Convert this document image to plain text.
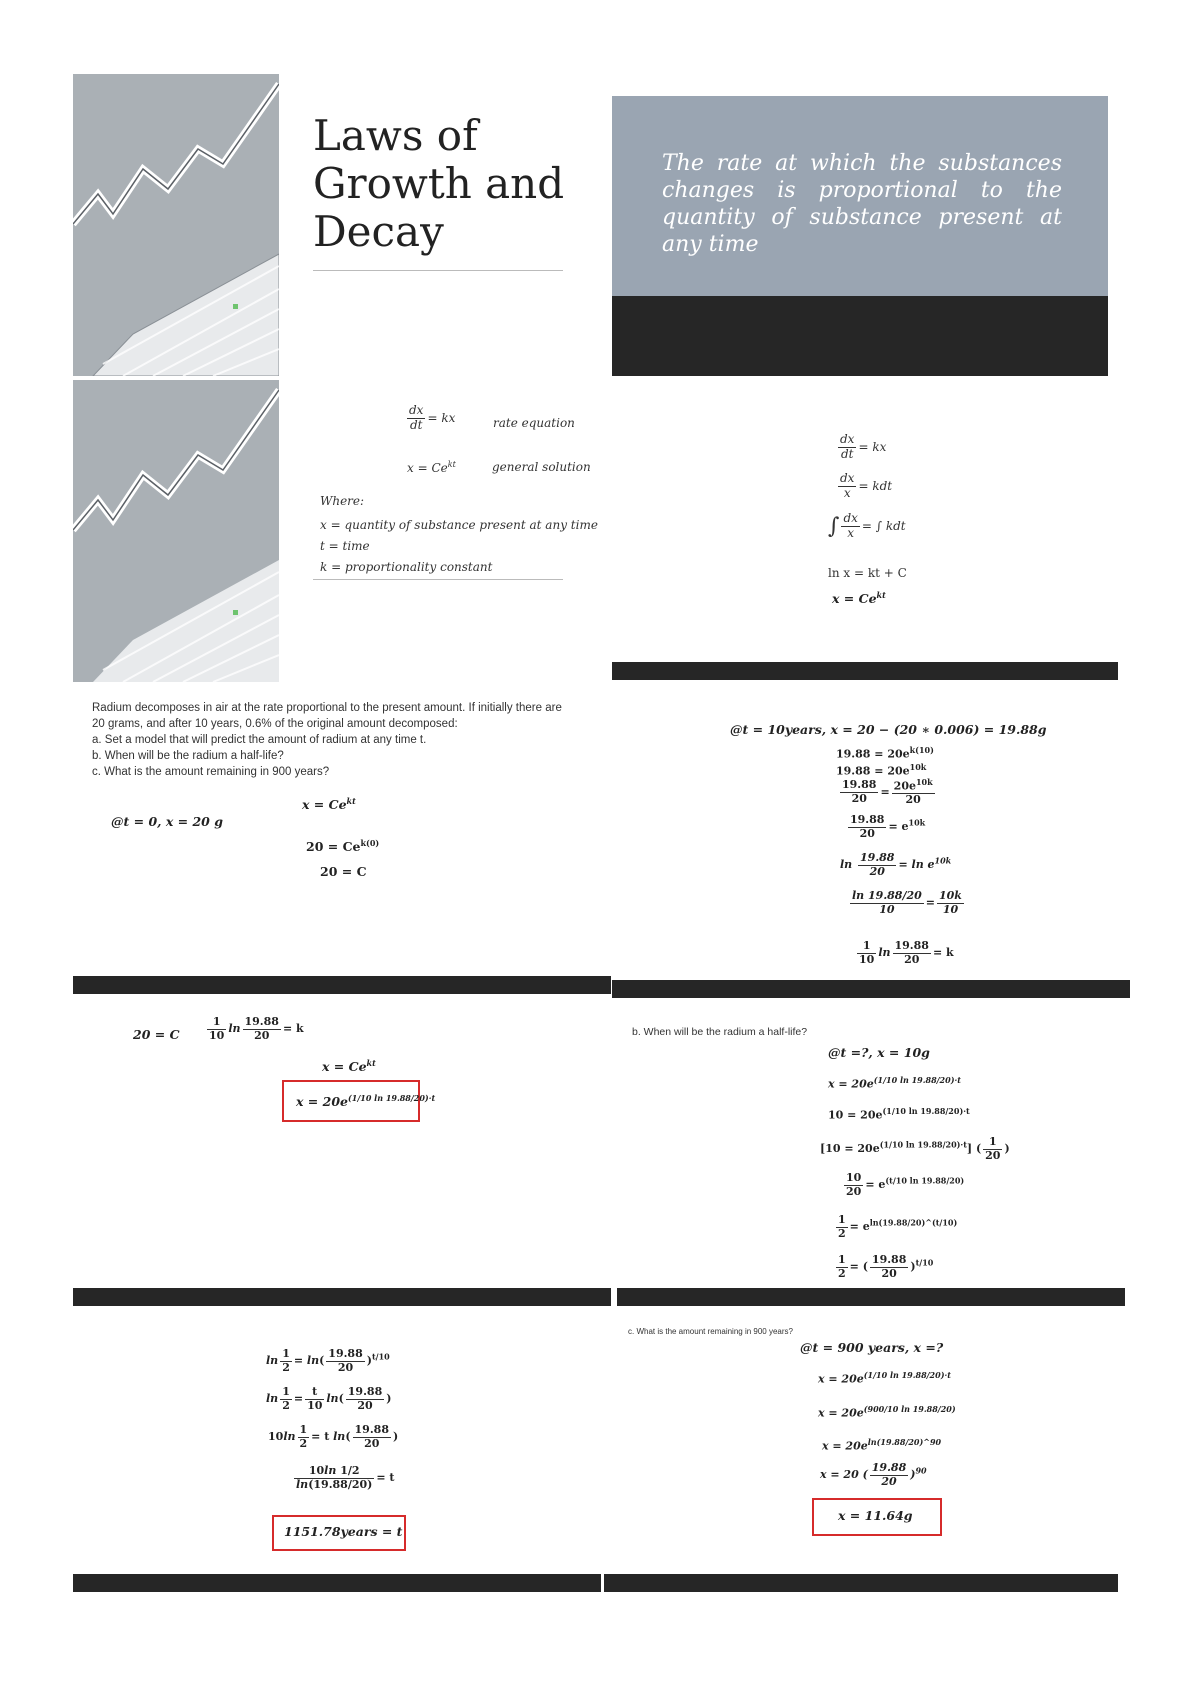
Laws of
Growth and
Decay
The rate at which the substances changes is proportional to the quantity of substance present at any time
$\frac{dx}{dt}$ = kx	rate equation
$x = Ce^{kt}$	general solution
Where:
x = quantity of substance present at any time
t = time
k = proportionality constant
$\frac{dx}{dt}$ = kx
$\frac{dx}{x}$ = kdt
∫ $\frac{dx}{x}$ = ∫ kdt
ln x = kt + C
$x = Ce^{kt}$
Radium decomposes in air at the rate proportional to the present amount. If initially there are 20 grams, and after 10 years, 0.6% of the original amount decomposed:
a. Set a model that will predict the amount of radium at any time t.
b. When will be the radium a half-life?
c. What is the amount remaining in 900 years?
$x = Ce^{kt}$
@t = 0, x = 20 g
$20 = Ce^{k(0)}$
20 = C
@t = 10years, x = 20 − (20 ∗ 0.006) = 19.88g
$19.88 = 20e^{k(10)}$
$19.88 = 20e^{10k}$
$\frac{19.88}{20} = \frac{20e^{10k}}{20}$
$\frac{19.88}{20} = e^{10k}$
$\ln \frac{19.88}{20} = \ln e^{10k}$
$\frac{\ln 19.88/20}{10} = \frac{10k}{10}$
$\frac{1}{10}$ $\ln \frac{19.88}{20} = k$
20 = C $\frac{1}{10}$ $\ln \frac{19.88}{20} = k$
$x = Ce^{kt}$
$x = 20e^{(1/10 ln 19.88/20)\cdot t}$
b. When will be the radium a half-life?
@t =?, x = 10g
$x = 20e^{(1/10 ln 19.88/20)\cdot t}$
$10 = 20e^{(1/10 ln 19.88/20)\cdot t}$
$[10 = 20e^{(1/10 ln 19.88/20)\cdot t}]$ ( $\frac{1}{20}$ )
$\frac{10}{20} = e^{(t/10 ln 19.88/20)}$
$\frac{1}{2} = e^{ln(19.88/20)\^{}(t/10)}$
$\frac{1}{2}$ = ( $\frac{19.88}{20} )^{t/10}$
$\ln \frac{1}{2} = \ln( \frac{19.88}{20} )^{t/10}$
$\ln \frac{1}{2} = \frac{t}{10} \ln( \frac{19.88}{20}$ )
$10\ln \frac{1}{2} = t$ $\ln( \frac{19.88}{20}$ )
$\frac{10\ln 1/2}{\ln(19.88/20)} = t$
1151.78years = t
c. What is the amount remaining in 900 years?
@t = 900 years, x =?
$x = 20e^{(1/10 ln 19.88/20)\cdot t}$
$x = 20e^{(900/10 ln 19.88/20)}$
$x = 20e^{ln(19.88/20)\^{}90}$
x = 20 ( $\frac{19.88}{20} )^{90}$
x = 11.64g
